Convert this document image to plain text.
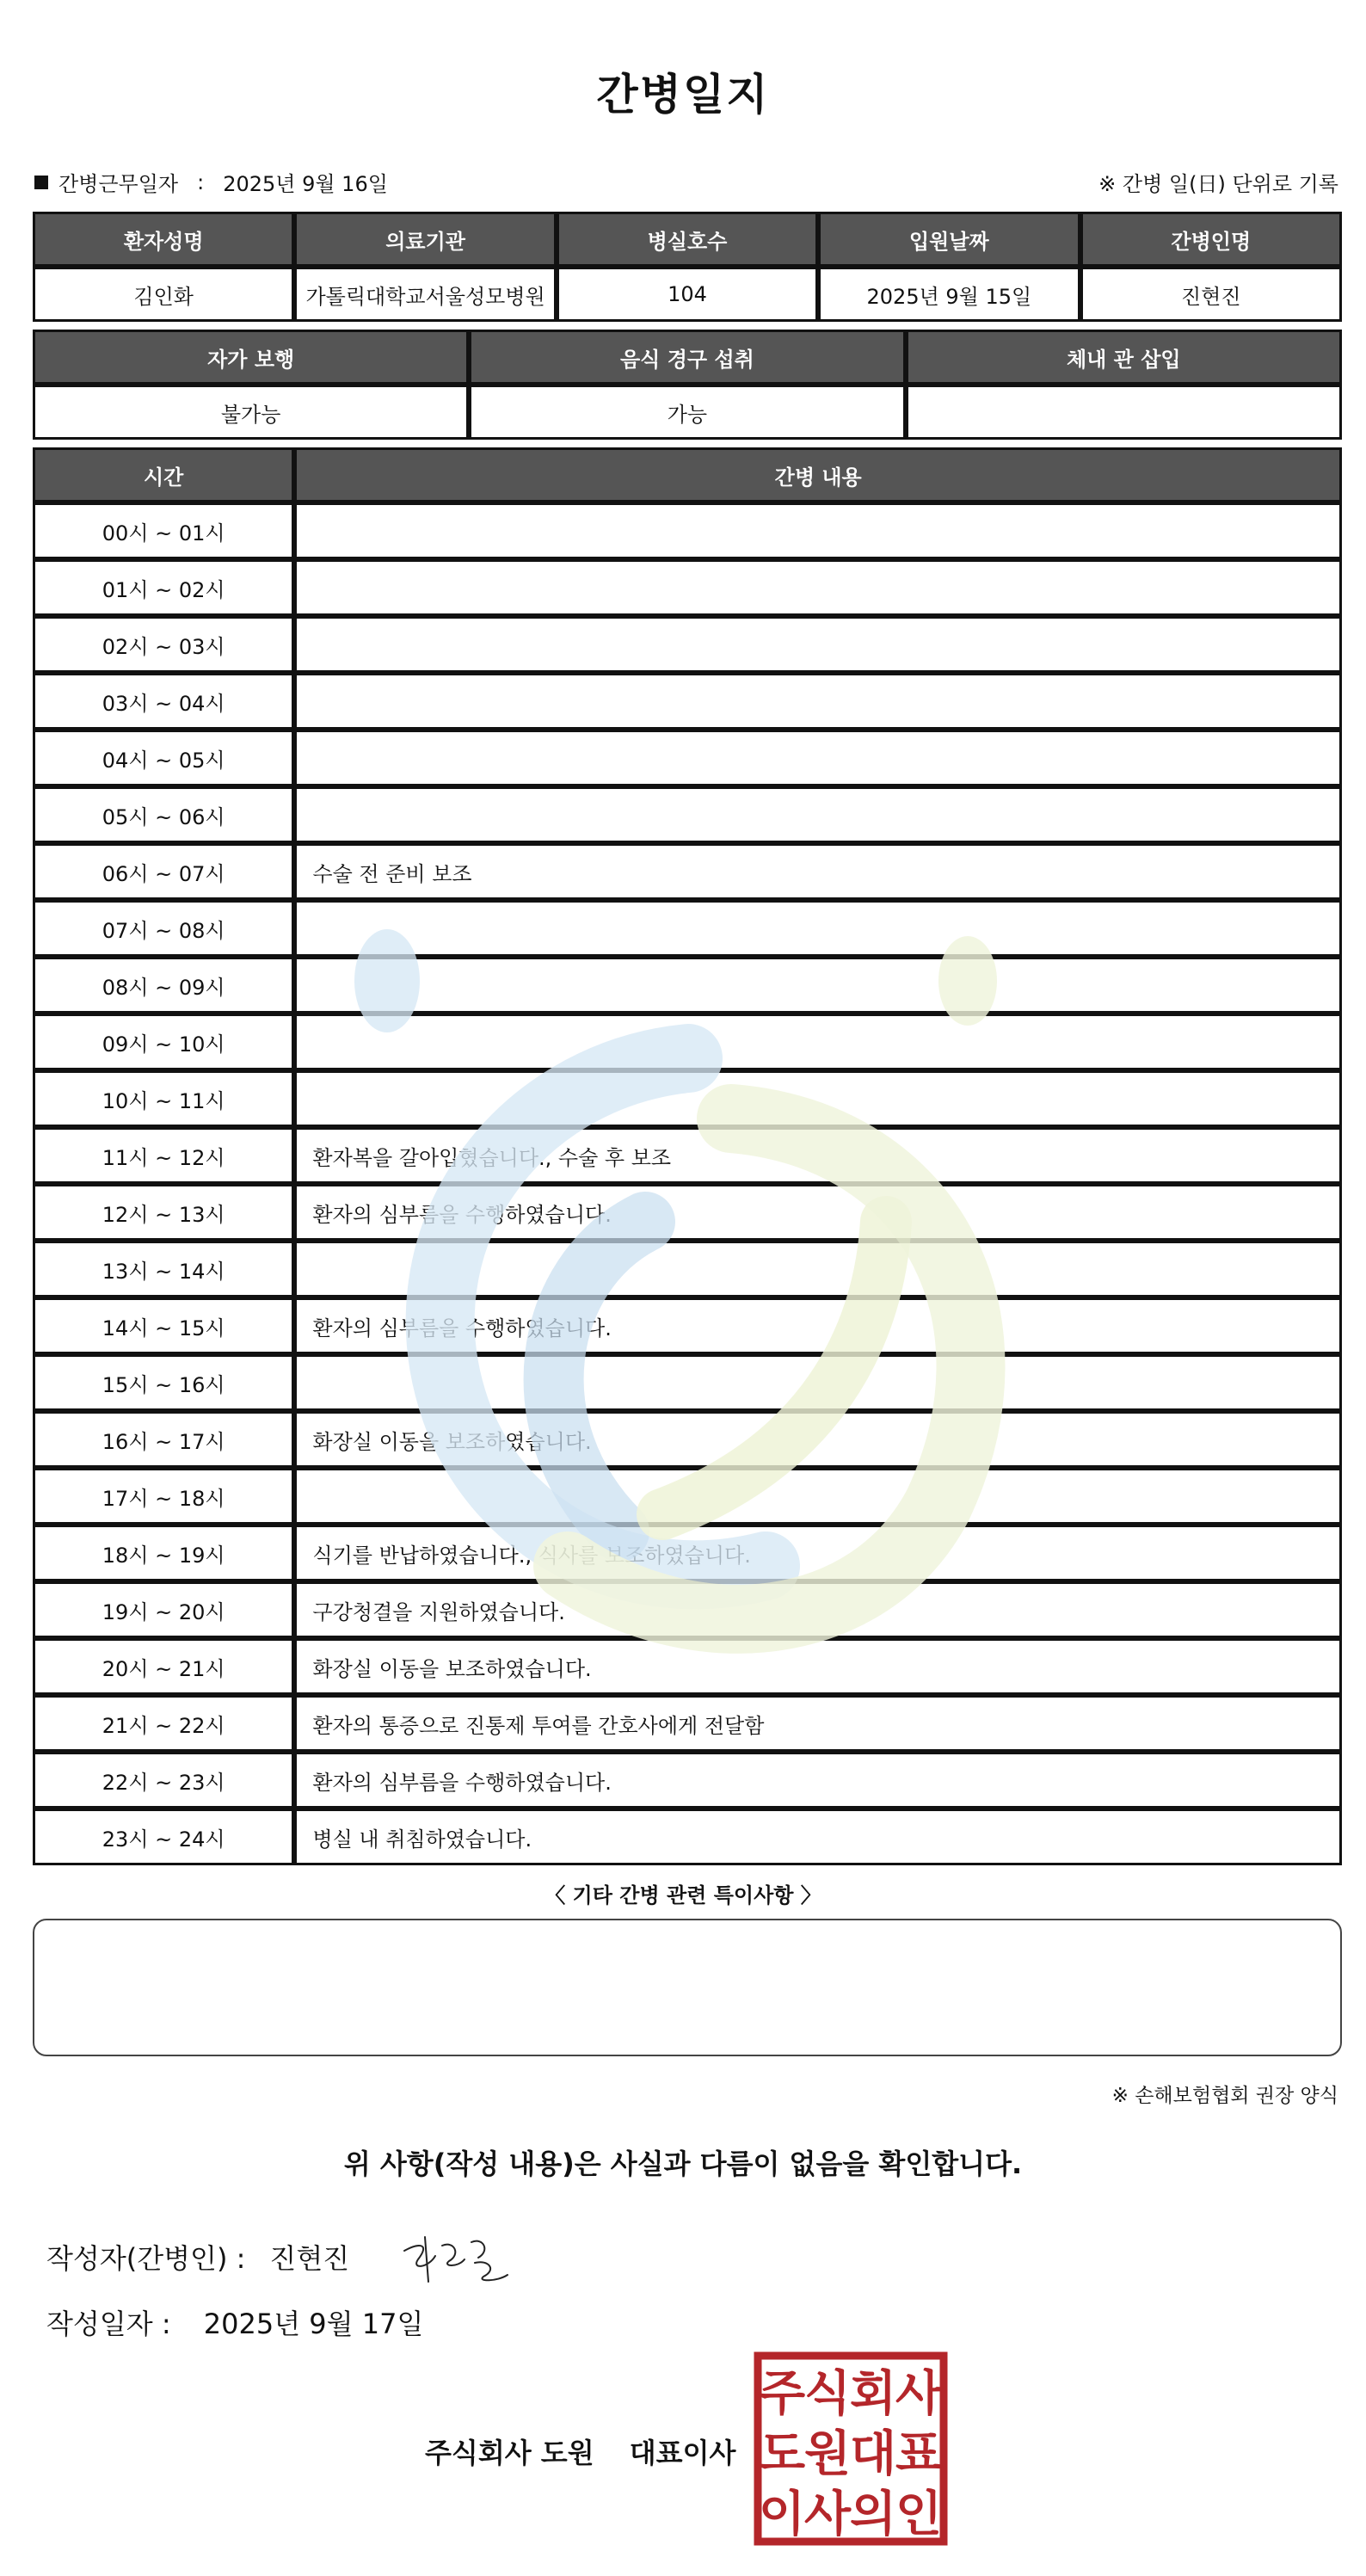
간병일지
간병근무일자 : 2025년 9월 16일	※ 간병 일(日) 단위로 기록
환자성명	의료기관	병실호수	입원날짜	간병인명
김인화	가톨릭대학교서울성모병원	104	2025년 9월 15일	진현진
자가 보행	음식 경구 섭취	체내 관 삽입
불가능	가능	
시간	간병 내용
00시 ~ 01시	
01시 ~ 02시	
02시 ~ 03시	
03시 ~ 04시	
04시 ~ 05시	
05시 ~ 06시	
06시 ~ 07시	수술 전 준비 보조
07시 ~ 08시	
08시 ~ 09시	
09시 ~ 10시	
10시 ~ 11시	
11시 ~ 12시	환자복을 갈아입혔습니다., 수술 후 보조
12시 ~ 13시	환자의 심부름을 수행하였습니다.
13시 ~ 14시	
14시 ~ 15시	환자의 심부름을 수행하였습니다.
15시 ~ 16시	
16시 ~ 17시	화장실 이동을 보조하였습니다.
17시 ~ 18시	
18시 ~ 19시	식기를 반납하였습니다., 식사를 보조하였습니다.
19시 ~ 20시	구강청결을 지원하였습니다.
20시 ~ 21시	화장실 이동을 보조하였습니다.
21시 ~ 22시	환자의 통증으로 진통제 투여를 간호사에게 전달함
22시 ~ 23시	환자의 심부름을 수행하였습니다.
23시 ~ 24시	병실 내 취침하였습니다.
〈 기타 간병 관련 특이사항 〉
※ 손해보험협회 권장 양식
위 사항(작성 내용)은 사실과 다름이 없음을 확인합니다.
작성자(간병인) : 진현진
작성일자 : 2025년 9월 17일
주식회사 도원 대표이사
주
식
회
사
도
원
대
표
이
사
의
인
